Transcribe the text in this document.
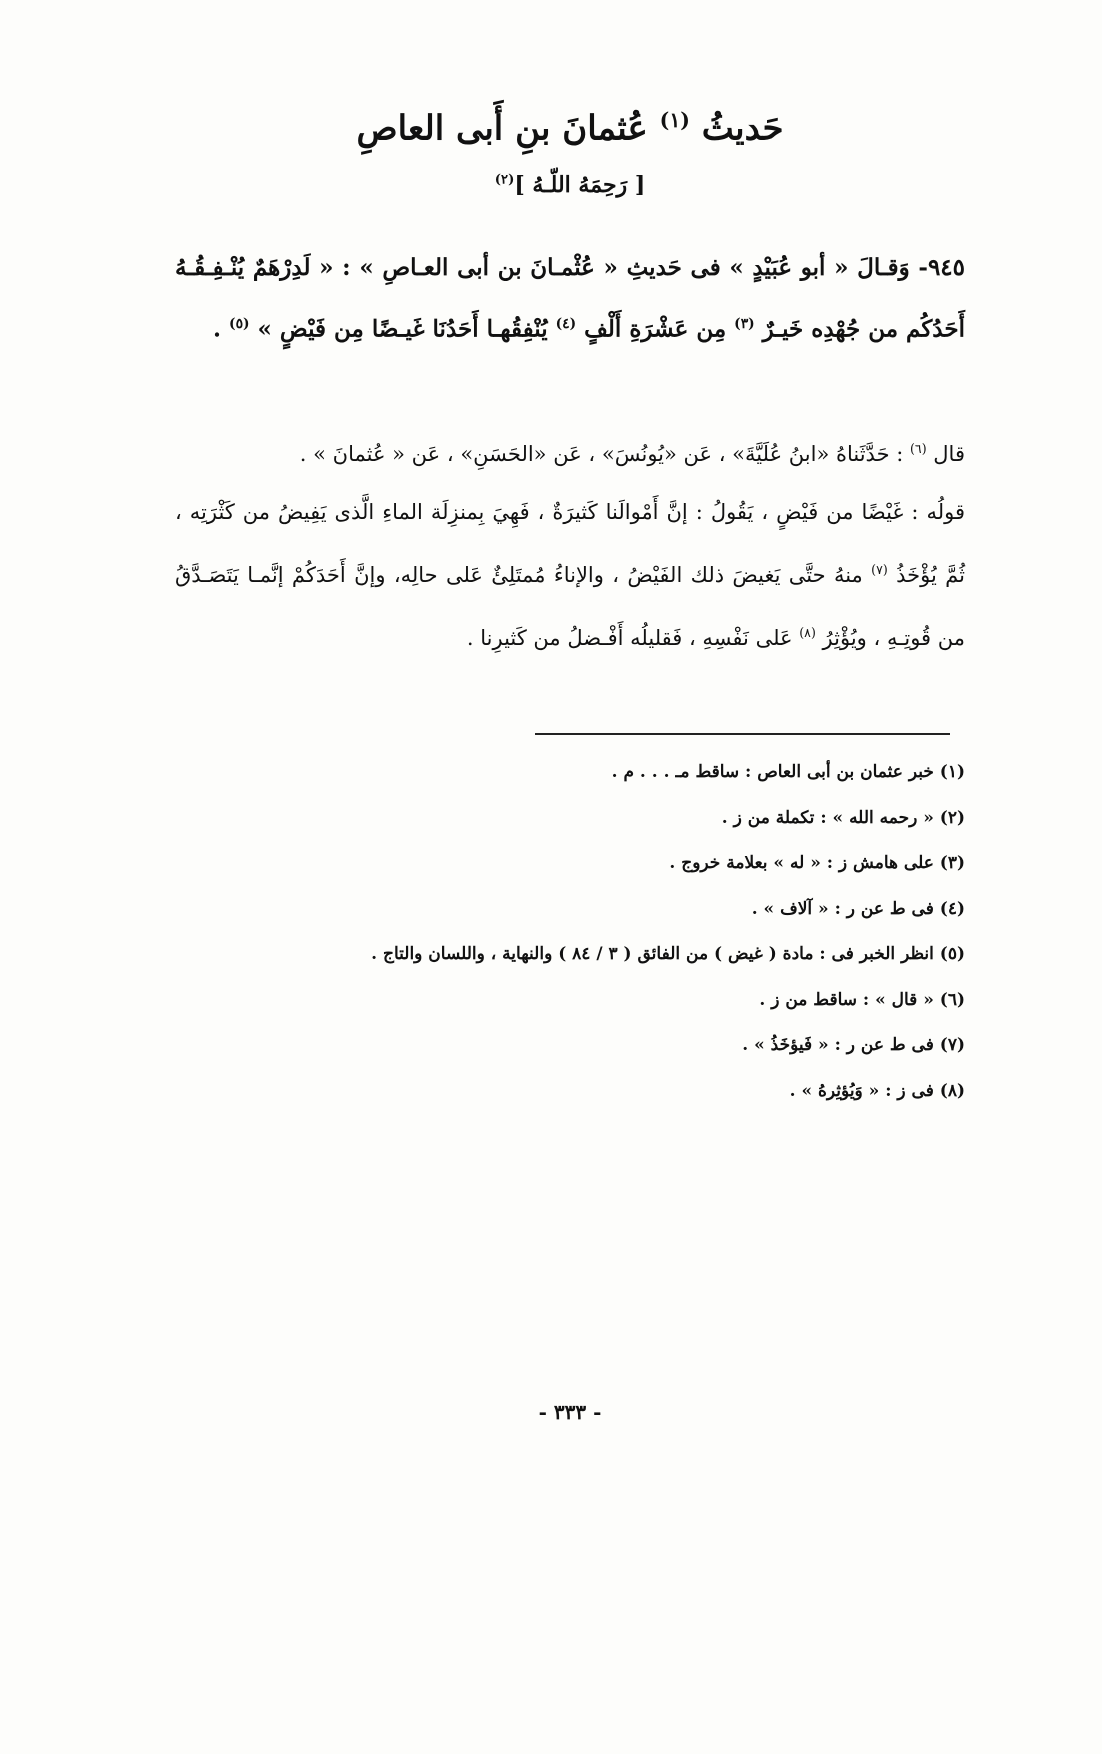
حَديثُ $^{(١)}$ عُثمانَ بنِ أَبى العاصِ
[ رَحِمَهُ اللّـهُ ]$^{(٢)}$

٩٤٥- وَقـالَ « أبو عُبَيْدٍ » فى حَديثِ « عُثْمـانَ بن أبى العـاصِ » : « لَدِرْهَمٌ يُنْـفِـقُـهُ أَحَدُكُم من جُهْدِه خَيـرٌ $^{(٣)}$ مِن عَشْرَةِ أَلْفٍ $^{(٤)}$ يُنْفِقُهـا أَحَدُنَا غَيـضًا مِن فَيْضٍ » $^{(٥)}$ .

قال $^{(٦)}$ : حَدَّثَناهُ «ابنُ عُلَيَّةَ» ، عَن «يُونُسَ» ، عَن «الحَسَنِ» ، عَن « عُثمانَ » .

قولُه : غَيْضًا من فَيْضٍ ، يَقُولُ : إنَّ أَمْوالَنا كَثيرَةٌ ، فَهِيَ بِمنزِلَة الماءِ الَّذى يَفِيضُ من كَثْرَتِه ، ثُمَّ يُؤْخَذُ $^{(٧)}$ منهُ حتَّى يَغيضَ ذلك الفَيْضُ ، والإناءُ مُمتَلِئٌ عَلى حالِه، وإنَّ أَحَدَكُمْ إنَّمـا يَتَصَـدَّقُ من قُوتِـهِ ، ويُؤْثِرُ $^{(٨)}$ عَلى نَفْسِهِ ، فَقليلُه أَفْـضلُ من كَثيرِنا .

(١) خبر عثمان بن أبى العاص : ساقط مـ . . . م .
(٢) « رحمه الله » : تكملة من ز .
(٣) على هامش ز : « له » بعلامة خروج .
(٤) فى ط عن ر : « آلاف » .
(٥) انظر الخبر فى : مادة ( غيض ) من الفائق ( ٣ / ٨٤ ) والنهاية ، واللسان والتاج .
(٦) « قال » : ساقط من ز .
(٧) فى ط عن ر : « فَيؤخَذُ » .
(٨) فى ز : « وَيُؤثِرهُ » .
- ٣٣٣ -
